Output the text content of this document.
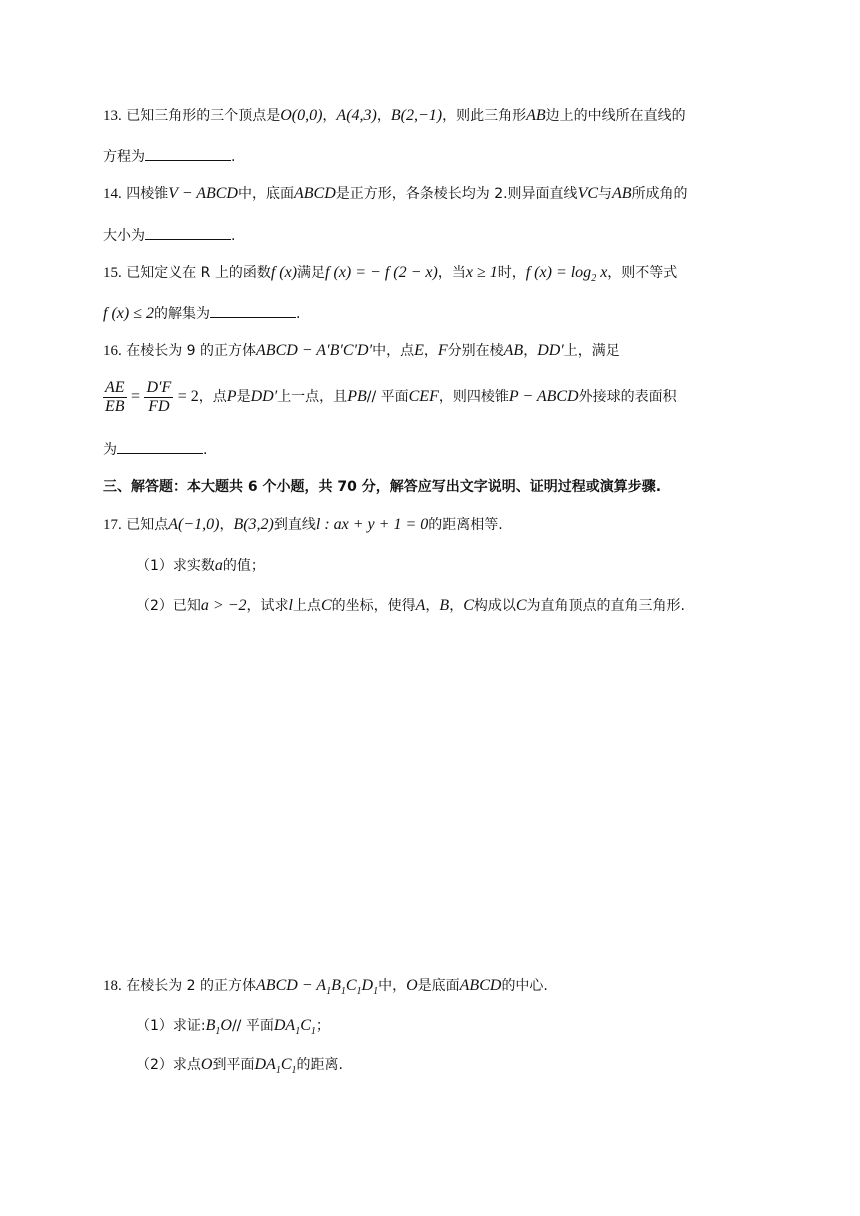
13. 已知三角形的三个顶点是O(0,0)，A(4,3)，B(2,−1)，则此三角形AB边上的中线所在直线的
方程为	.
14. 四棱锥V − ABCD中，底面ABCD是正方形，各条棱长均为 2.则异面直线VC与AB所成角的
大小为	.
15. 已知定义在 R 上的函数f (x)满足f (x) = − f (2 − x)，当x ≥ 1时，f $(x) = \log_2 x$，则不等式
f (x) ≤ 2的解集为	.
16. 在棱长为 9 的正方体ABCD − A′B′C′D′中，点E，F分别在棱AB，DD′上，满足
$\frac{AE}{EB} = \frac{D'F}{FD} = 2$，点P是DD′上一点，且PB// 平面CEF，则四棱锥P − ABCD外接球的表面积
为	.
三、解答题：本大题共 6 个小题，共 70 分，解答应写出文字说明、证明过程或演算步骤.
17. 已知点A(−1,0)，B(3,2)到直线l : ax + y + 1 = 0的距离相等.
（1）求实数a的值；
（2）已知a > −2，试求l上点C的坐标，使得A，B，C构成以C为直角顶点的直角三角形.
18. 在棱长为 2 的正方体ABCD − $A_1B_1C_1D_1$中，O是底面ABCD的中心.
（1）求证$:B_1O//$ 平面$DA_1C_1$；
（2）求点O到平面$DA_1C_1$的距离.
